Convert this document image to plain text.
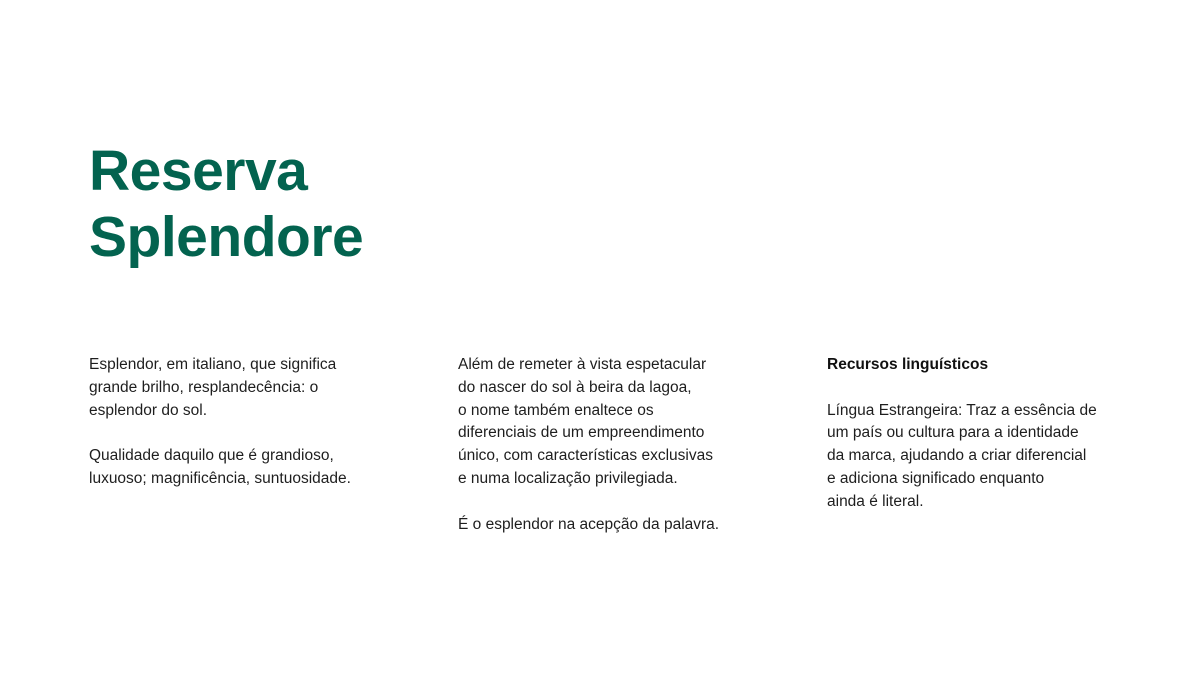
Reserva
Splendore

Esplendor, em italiano, que significa
grande brilho, resplandecência: o
esplendor do sol.

Qualidade daquilo que é grandioso,
luxuoso; magnificência, suntuosidade.

Além de remeter à vista espetacular
do nascer do sol à beira da lagoa,
o nome também enaltece os
diferenciais de um empreendimento
único, com características exclusivas
e numa localização privilegiada.

É o esplendor na acepção da palavra.

Recursos linguísticos

Língua Estrangeira: Traz a essência de
um país ou cultura para a identidade
da marca, ajudando a criar diferencial
e adiciona significado enquanto
ainda é literal.
